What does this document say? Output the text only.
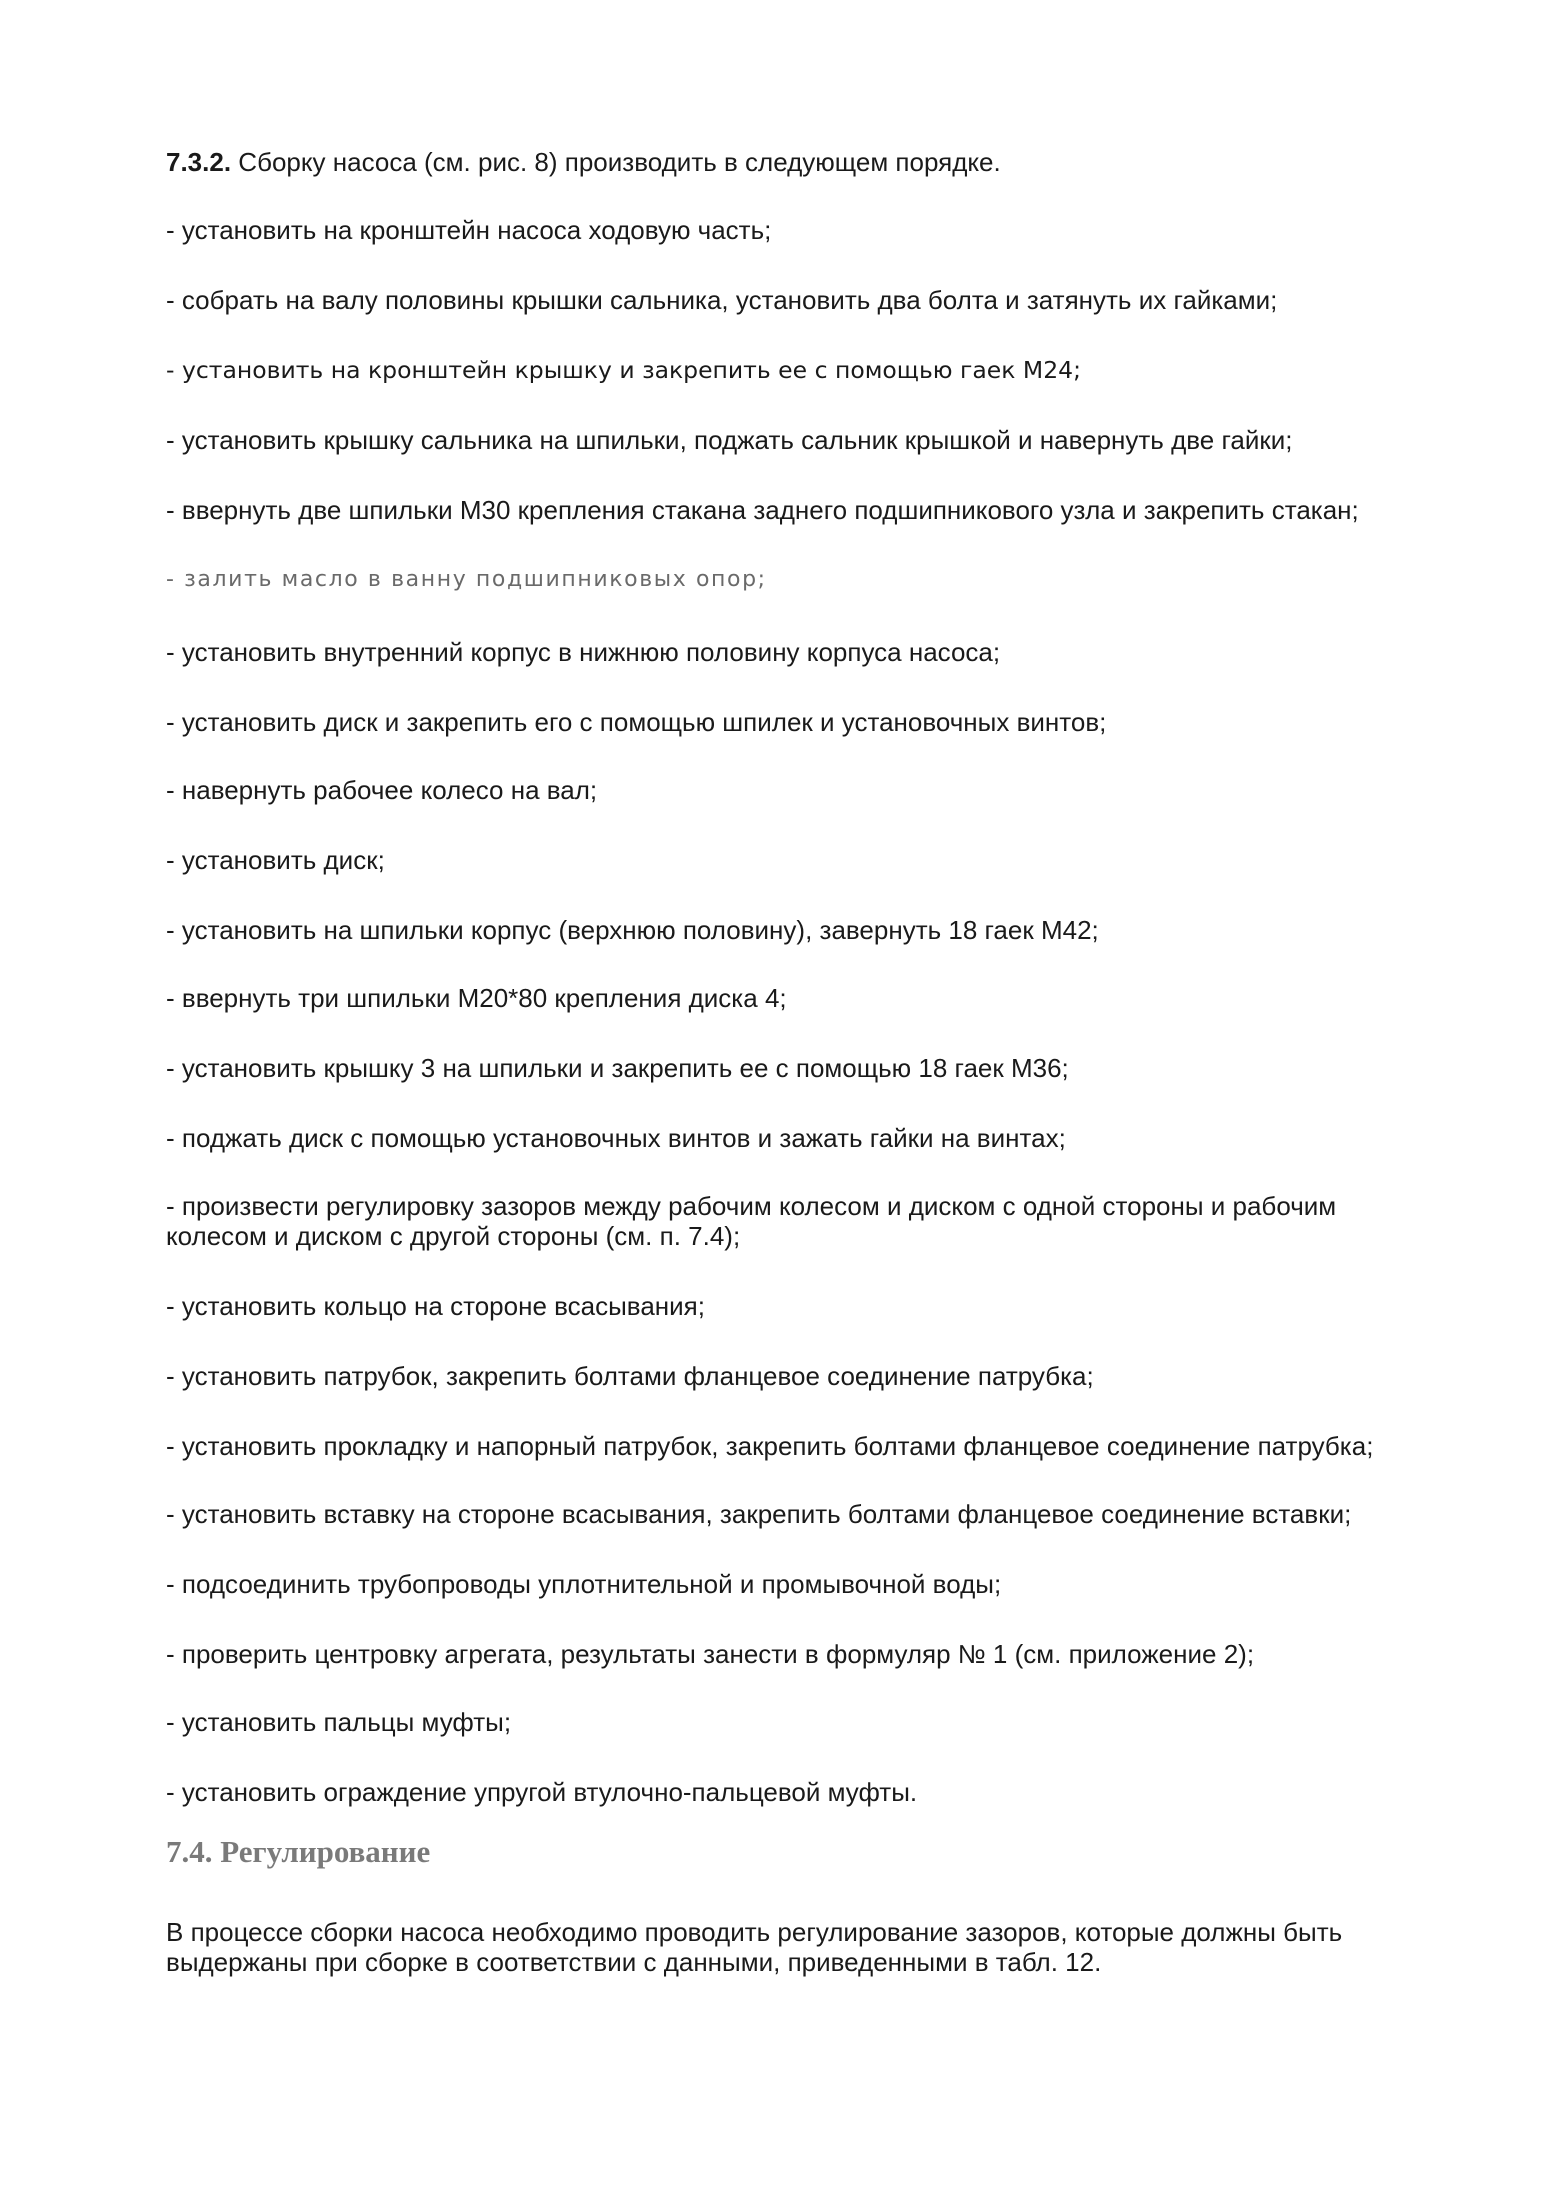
7.3.2. Сборку насоса (см. рис. 8) производить в следующем порядке.
- установить на кронштейн насоса ходовую часть;
- собрать на валу половины крышки сальника, установить два болта и затянуть их гайками;
- установить на кронштейн крышку и закрепить ее с помощью гаек М24;
- установить крышку сальника на шпильки, поджать сальник крышкой и навернуть две гайки;
- ввернуть две шпильки М30 крепления стакана заднего подшипникового узла и закрепить стакан;
- залить масло в ванну подшипниковых опор;
- установить внутренний корпус в нижнюю половину корпуса насоса;
- установить диск и закрепить его с помощью шпилек и установочных винтов;
- навернуть рабочее колесо на вал;
- установить диск;
- установить на шпильки корпус (верхнюю половину), завернуть 18 гаек М42;
- ввернуть три шпильки М20*80 крепления диска 4;
- установить крышку 3 на шпильки и закрепить ее с помощью 18 гаек М36;
- поджать диск с помощью установочных винтов и зажать гайки на винтах;
- произвести регулировку зазоров между рабочим колесом и диском с одной стороны и рабочим
колесом и диском с другой стороны (см. п. 7.4);
- установить кольцо на стороне всасывания;
- установить патрубок, закрепить болтами фланцевое соединение патрубка;
- установить прокладку и напорный патрубок, закрепить болтами фланцевое соединение патрубка;
- установить вставку на стороне всасывания, закрепить болтами фланцевое соединение вставки;
- подсоединить трубопроводы уплотнительной и промывочной воды;
- проверить центровку агрегата, результаты занести в формуляр № 1 (см. приложение 2);
- установить пальцы муфты;
- установить ограждение упругой втулочно-пальцевой муфты.
7.4. Регулирование
В процессе сборки насоса необходимо проводить регулирование зазоров, которые должны быть
выдержаны при сборке в соответствии с данными, приведенными в табл. 12.
